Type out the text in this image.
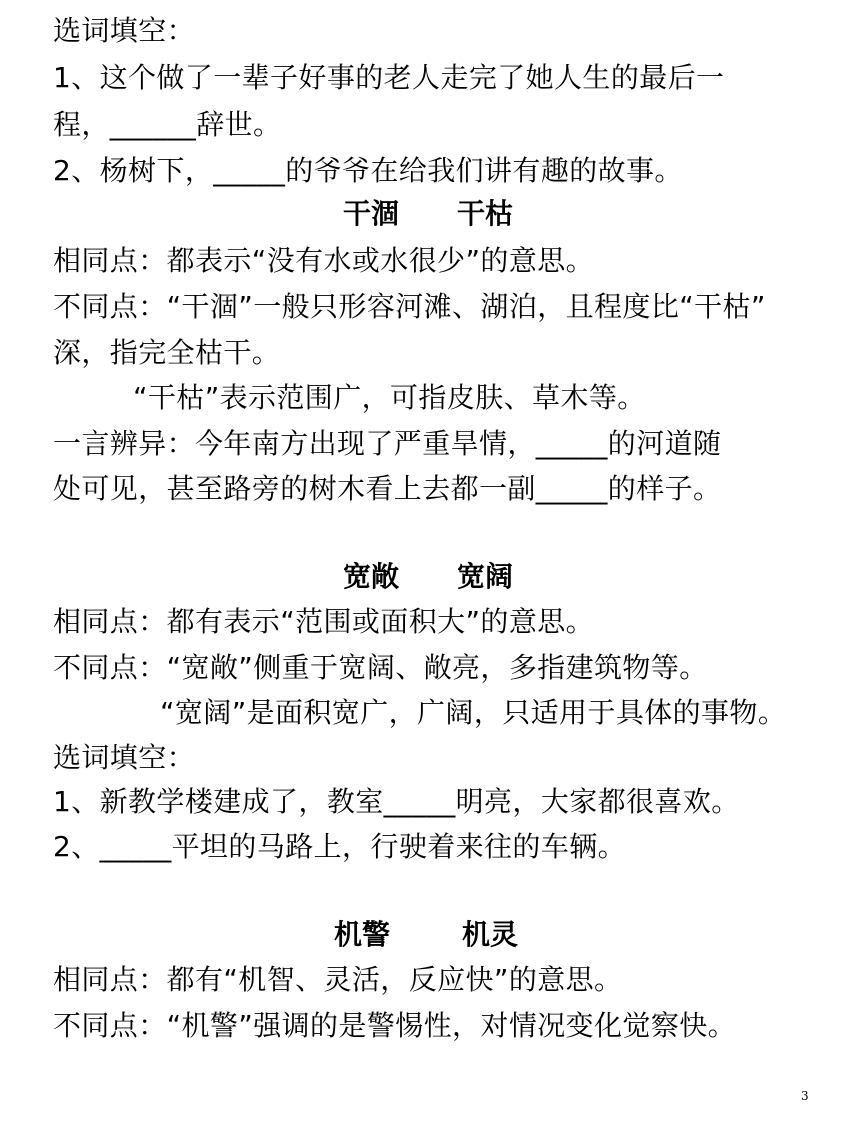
选词填空：
1、这个做了一辈子好事的老人走完了她人生的最后一
程，______辞世。
2、杨树下，_____的爷爷在给我们讲有趣的故事。
干涸 干枯
相同点：都表示“没有水或水很少”的意思。
不同点：“干涸”一般只形容河滩、湖泊，且程度比“干枯”
深，指完全枯干。
“干枯”表示范围广，可指皮肤、草木等。
一言辨异：今年南方出现了严重旱情，_____的河道随
处可见，甚至路旁的树木看上去都一副_____的样子。
宽敞 宽阔
相同点：都有表示“范围或面积大”的意思。
不同点：“宽敞”侧重于宽阔、敞亮，多指建筑物等。
“宽阔”是面积宽广，广阔，只适用于具体的事物。
选词填空：
1、新教学楼建成了，教室_____明亮，大家都很喜欢。
2、_____平坦的马路上，行驶着来往的车辆。
机警	机灵
相同点：都有“机智、灵活，反应快”的意思。
不同点：“机警”强调的是警惕性，对情况变化觉察快。
3
